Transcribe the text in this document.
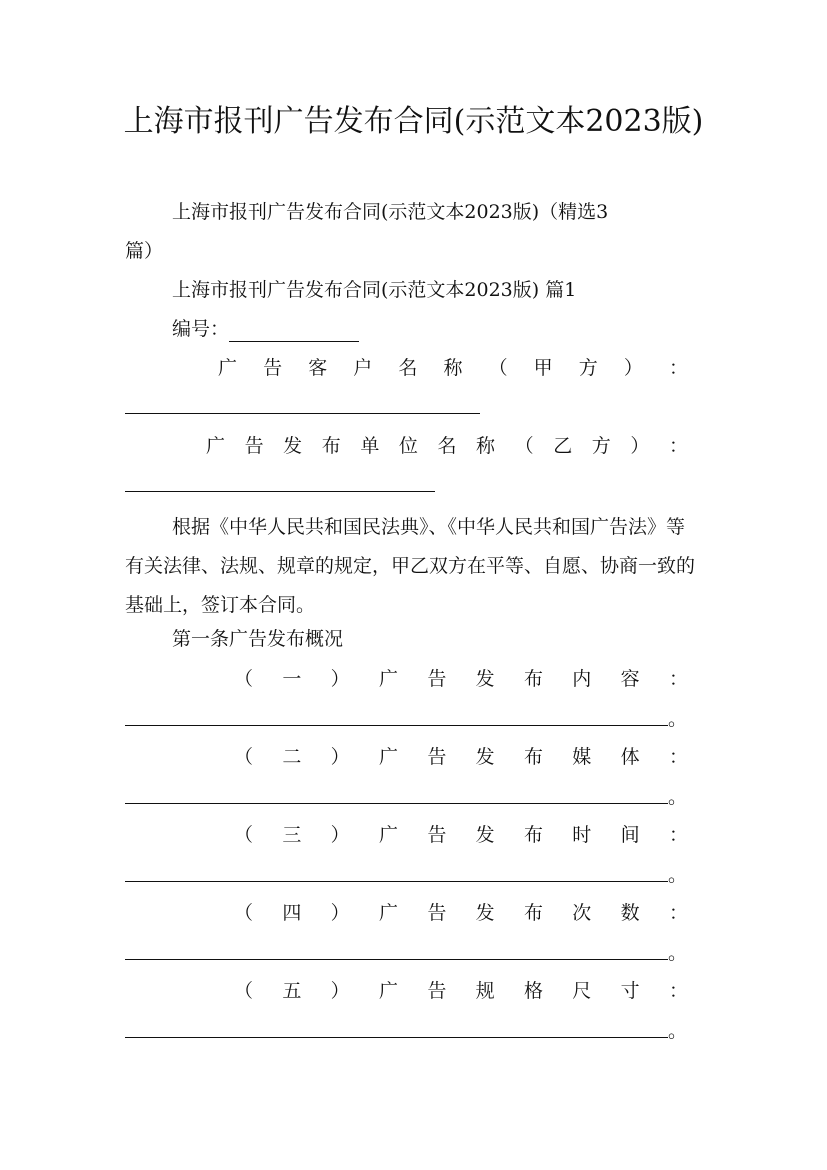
上海市报刊广告发布合同(示范文本2023版)
上海市报刊广告发布合同(示范文本2023版)（精选3
篇）
上海市报刊广告发布合同(示范文本2023版) 篇1
编号：
广 告 客 户 名 称 （ 甲 方 ） ：
广 告 发 布 单 位 名 称 （ 乙 方 ） ：
根据《中华人民共和国民法典》、《中华人民共和国广告法》等有关法律、法规、规章的规定，甲乙双方在平等、自愿、协商一致的基础上，签订本合同。
第一条广告发布概况
（ 一 ） 广 告 发 布 内 容 ：
。
（ 二 ） 广 告 发 布 媒 体 ：
。
（ 三 ） 广 告 发 布 时 间 ：
。
（ 四 ） 广 告 发 布 次 数 ：
。
（ 五 ） 广 告 规 格 尺 寸 ：
。
